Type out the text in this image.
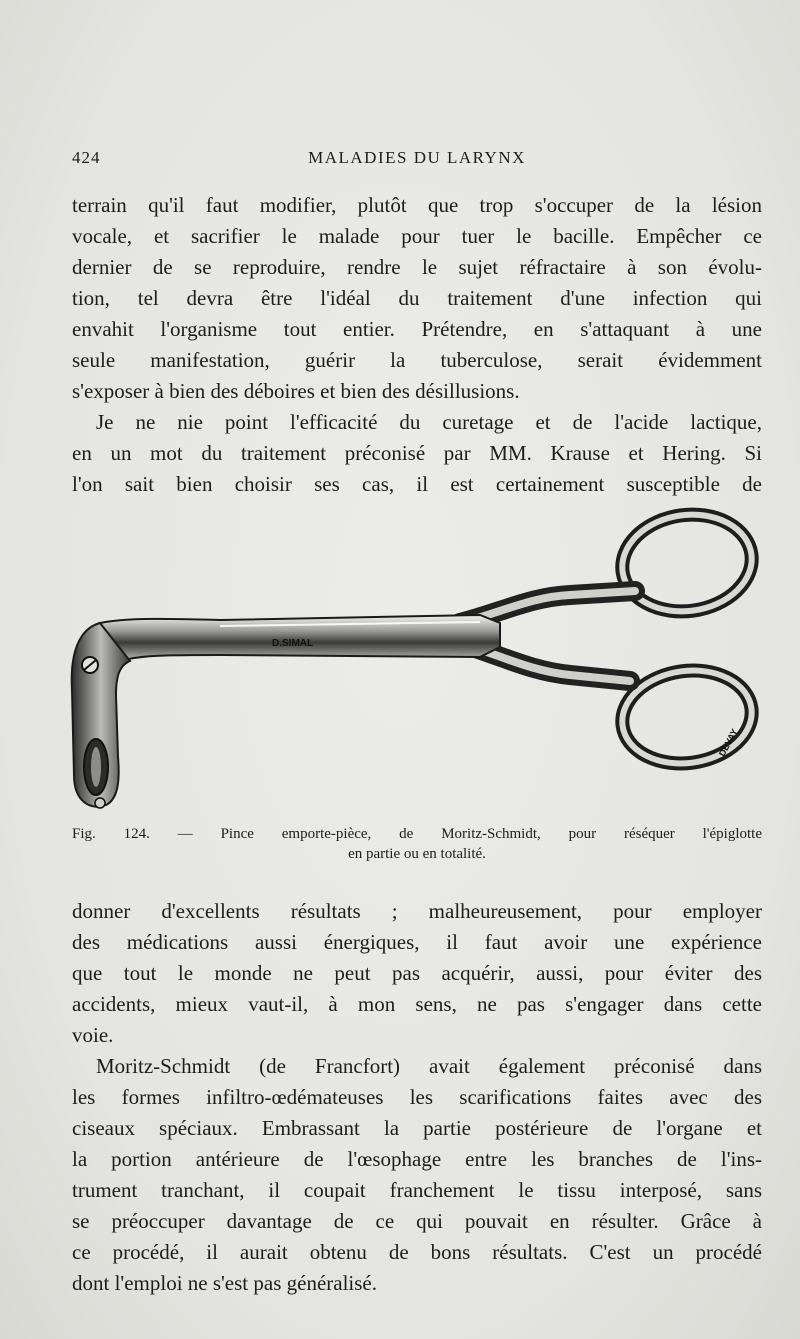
424	MALADIES DU LARYNX
terrain qu'il faut modifier, plutôt que trop s'occuper de la lésion
vocale, et sacrifier le malade pour tuer le bacille. Empêcher ce
dernier de se reproduire, rendre le sujet réfractaire à son évolu-
tion, tel devra être l'idéal du traitement d'une infection qui
envahit l'organisme tout entier. Prétendre, en s'attaquant à une
seule manifestation, guérir la tuberculose, serait évidemment
s'exposer à bien des déboires et bien des désillusions.
Je ne nie point l'efficacité du curetage et de l'acide lactique,
en un mot du traitement préconisé par MM. Krause et Hering. Si
l'on sait bien choisir ses cas, il est certainement susceptible de
D.SIMAL
DEVAY
Fig. 124. — Pince emporte-pièce, de Moritz-Schmidt, pour réséquer l'épiglotte
en partie ou en totalité.
donner d'excellents résultats ; malheureusement, pour employer
des médications aussi énergiques, il faut avoir une expérience
que tout le monde ne peut pas acquérir, aussi, pour éviter des
accidents, mieux vaut-il, à mon sens, ne pas s'engager dans cette
voie.
Moritz-Schmidt (de Francfort) avait également préconisé dans
les formes infiltro-œdémateuses les scarifications faites avec des
ciseaux spéciaux. Embrassant la partie postérieure de l'organe et
la portion antérieure de l'œsophage entre les branches de l'ins-
trument tranchant, il coupait franchement le tissu interposé, sans
se préoccuper davantage de ce qui pouvait en résulter. Grâce à
ce procédé, il aurait obtenu de bons résultats. C'est un procédé
dont l'emploi ne s'est pas généralisé.
